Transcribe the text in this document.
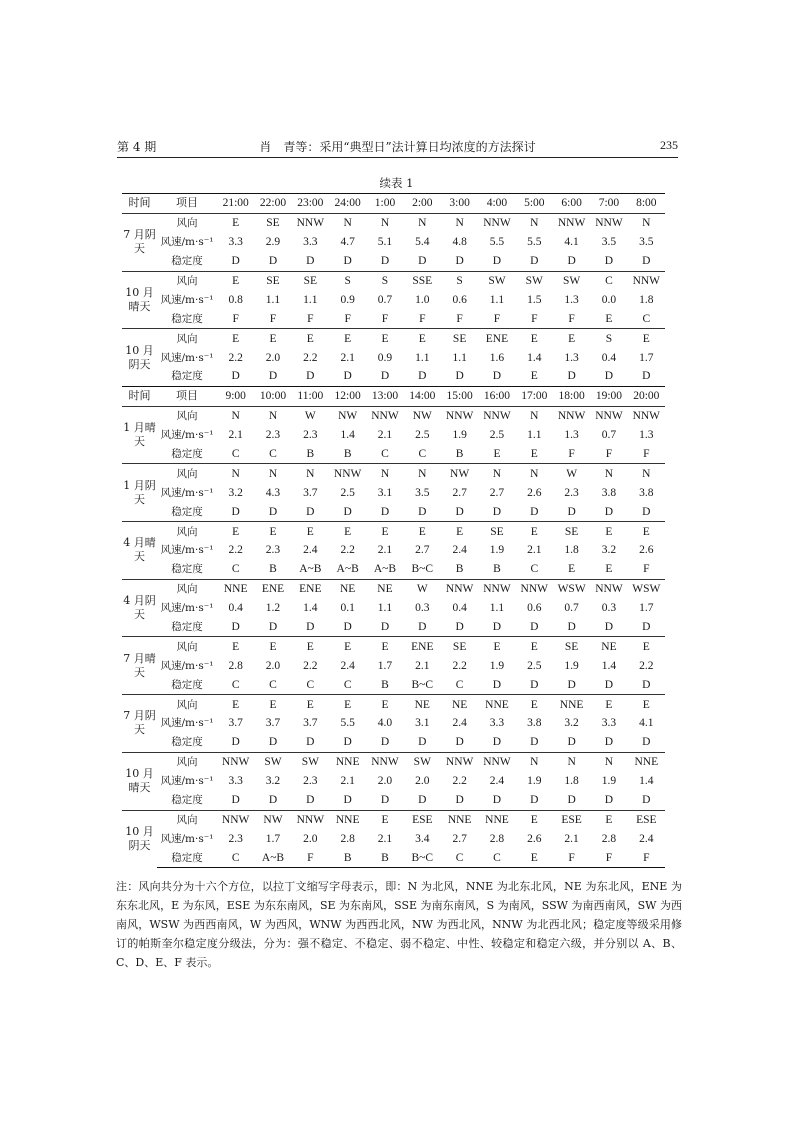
第 4 期	肖　青等：采用“典型日”法计算日均浓度的方法探讨	235
续表 1
时间	项目	21:00	22:00	23:00	24:00	1:00	2:00	3:00	4:00	5:00	6:00	7:00	8:00
7 月阴天	风向	E	SE	NNW	N	N	N	N	NNW	N	NNW	NNW	N
	风速/m·s⁻¹	3.3	2.9	3.3	4.7	5.1	5.4	4.8	5.5	5.5	4.1	3.5	3.5
	稳定度	D	D	D	D	D	D	D	D	D	D	D	D
10 月晴天	风向	E	SE	SE	S	S	SSE	S	SW	SW	SW	C	NNW
	风速/m·s⁻¹	0.8	1.1	1.1	0.9	0.7	1.0	0.6	1.1	1.5	1.3	0.0	1.8
	稳定度	F	F	F	F	F	F	F	F	F	F	E	C
10 月阴天	风向	E	E	E	E	E	E	SE	ENE	E	E	S	E
	风速/m·s⁻¹	2.2	2.0	2.2	2.1	0.9	1.1	1.1	1.6	1.4	1.3	0.4	1.7
	稳定度	D	D	D	D	D	D	D	D	E	D	D	D
时间	项目	9:00	10:00	11:00	12:00	13:00	14:00	15:00	16:00	17:00	18:00	19:00	20:00
1 月晴天	风向	N	N	W	NW	NNW	NW	NNW	NNW	N	NNW	NNW	NNW
	风速/m·s⁻¹	2.1	2.3	2.3	1.4	2.1	2.5	1.9	2.5	1.1	1.3	0.7	1.3
	稳定度	C	C	B	B	C	C	B	E	E	F	F	F
1 月阴天	风向	N	N	N	NNW	N	N	NW	N	N	W	N	N
	风速/m·s⁻¹	3.2	4.3	3.7	2.5	3.1	3.5	2.7	2.7	2.6	2.3	3.8	3.8
	稳定度	D	D	D	D	D	D	D	D	D	D	D	D
4 月晴天	风向	E	E	E	E	E	E	E	SE	E	SE	E	E
	风速/m·s⁻¹	2.2	2.3	2.4	2.2	2.1	2.7	2.4	1.9	2.1	1.8	3.2	2.6
	稳定度	C	B	A~B	A~B	A~B	B~C	B	B	C	E	E	F
4 月阴天	风向	NNE	ENE	ENE	NE	NE	W	NNW	NNW	NNW	WSW	NNW	WSW
	风速/m·s⁻¹	0.4	1.2	1.4	0.1	1.1	0.3	0.4	1.1	0.6	0.7	0.3	1.7
	稳定度	D	D	D	D	D	D	D	D	D	D	D	D
7 月晴天	风向	E	E	E	E	E	ENE	SE	E	E	SE	NE	E
	风速/m·s⁻¹	2.8	2.0	2.2	2.4	1.7	2.1	2.2	1.9	2.5	1.9	1.4	2.2
	稳定度	C	C	C	C	B	B~C	C	D	D	D	D	D
7 月阴天	风向	E	E	E	E	E	NE	NE	NNE	E	NNE	E	E
	风速/m·s⁻¹	3.7	3.7	3.7	5.5	4.0	3.1	2.4	3.3	3.8	3.2	3.3	4.1
	稳定度	D	D	D	D	D	D	D	D	D	D	D	D
10 月晴天	风向	NNW	SW	SW	NNE	NNW	SW	NNW	NNW	N	N	N	NNE
	风速/m·s⁻¹	3.3	3.2	2.3	2.1	2.0	2.0	2.2	2.4	1.9	1.8	1.9	1.4
	稳定度	D	D	D	D	D	D	D	D	D	D	D	D
10 月阴天	风向	NNW	NW	NNW	NNE	E	ESE	NNE	NNE	E	ESE	E	ESE
	风速/m·s⁻¹	2.3	1.7	2.0	2.8	2.1	3.4	2.7	2.8	2.6	2.1	2.8	2.4
	稳定度	C	A~B	F	B	B	B~C	C	C	E	F	F	F
注：风向共分为十六个方位，以拉丁文缩写字母表示，即：N 为北风，NNE 为北东北风，NE 为东北风，ENE 为东东北风，E 为东风，ESE 为东东南风，SE 为东南风，SSE 为南东南风，S 为南风，SSW 为南西南风，SW 为西南风，WSW 为西西南风，W 为西风，WNW 为西西北风，NW 为西北风，NNW 为北西北风；稳定度等级采用修订的帕斯奎尔稳定度分级法，分为：强不稳定、不稳定、弱不稳定、中性、较稳定和稳定六级，并分别以 A、B、C、D、E、F 表示。
